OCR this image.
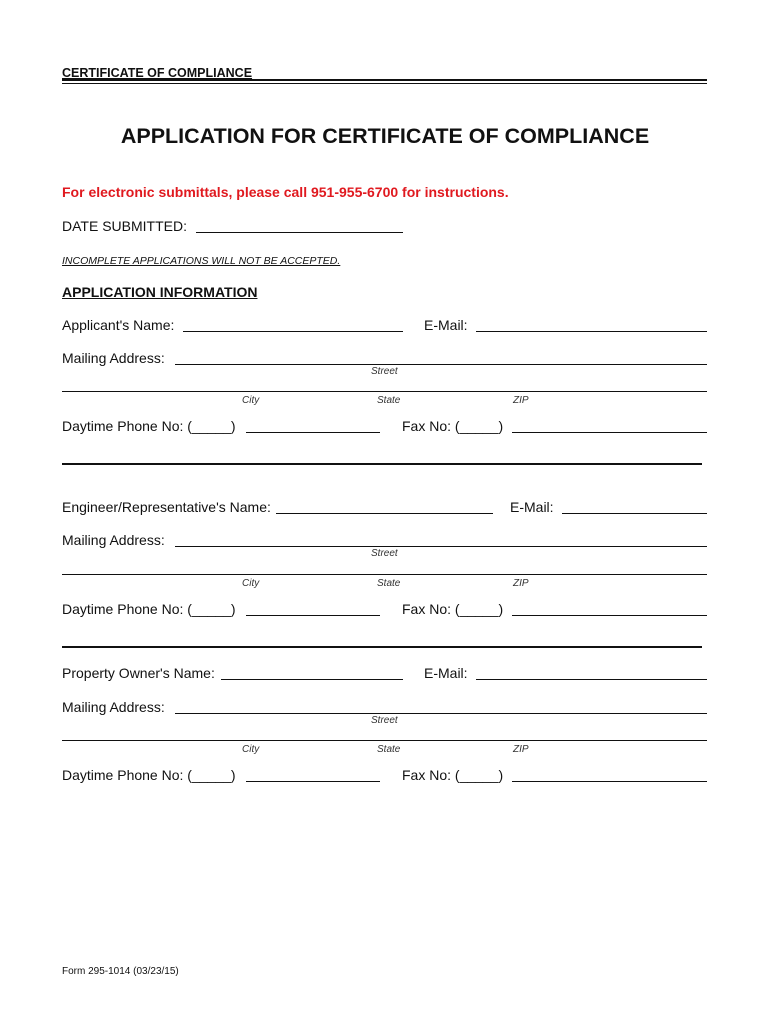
CERTIFICATE OF COMPLIANCE
APPLICATION FOR CERTIFICATE OF COMPLIANCE
For electronic submittals, please call 951-955-6700 for instructions.
DATE SUBMITTED:
INCOMPLETE APPLICATIONS WILL NOT BE ACCEPTED.
APPLICATION INFORMATION
Applicant's Name:	E-Mail:
Mailing Address:
Street
City	State	ZIP
Daytime Phone No: (_____)	Fax No: (_____)
Engineer/Representative's Name:	E-Mail:
Mailing Address:
Street
City	State	ZIP
Daytime Phone No: (_____)	Fax No: (_____)
Property Owner's Name:	E-Mail:
Mailing Address:
Street
City	State	ZIP
Daytime Phone No: (_____)	Fax No: (_____)
Form 295-1014 (03/23/15)
